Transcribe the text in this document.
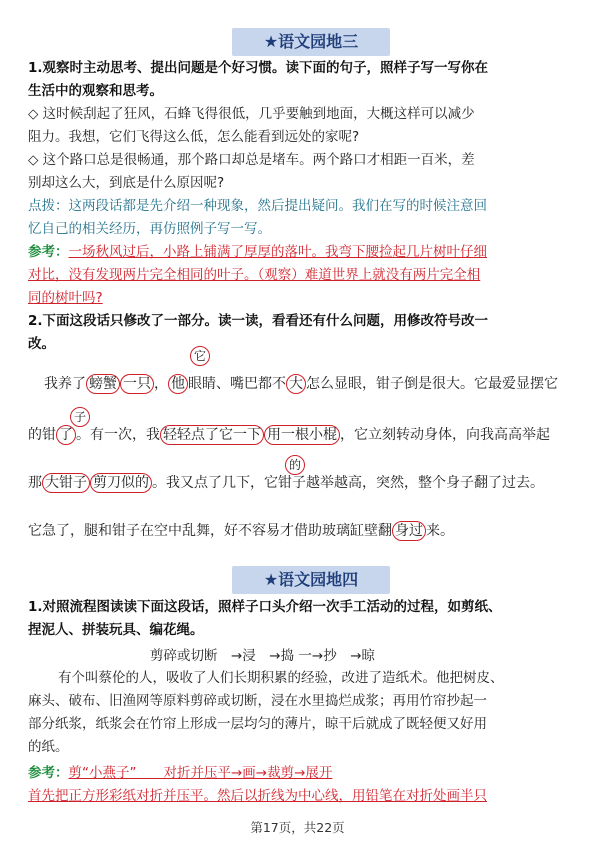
★语文园地三

1.观察时主动思考、提出问题是个好习惯。读下面的句子，照样子写一写你在

生活中的观察和思考。

◇ 这时候刮起了狂风，石蜂飞得很低，几乎要触到地面，大概这样可以减少

阻力。我想，它们飞得这么低，怎么能看到远处的家呢?

◇ 这个路口总是很畅通，那个路口却总是堵车。两个路口才相距一百米，差

别却这么大，到底是什么原因呢?

点拨：这两段话都是先介绍一种现象，然后提出疑问。我们在写的时候注意回

忆自己的相关经历，再仿照例子写一写。

参考：一场秋风过后，小路上铺满了厚厚的落叶。我弯下腰捡起几片树叶仔细

对比，没有发现两片完全相同的叶子。（观察）难道世界上就没有两片完全相

同的树叶吗?

2.下面这段话只修改了一部分。读一读，看看还有什么问题，用修改符号改一

改。

它

我养了 螃蟹 一只 ， 他 眼睛、嘴巴都不 大 怎么显眼，钳子倒是很大。它最爱显摆它

子

的钳 了 。有一次，我 轻轻点了它一下 用一根小棍 ，它立刻转动身体，向我高高举起

的

那 大钳子 剪刀似的 。我又点了几下，它钳子越举越高，突然，整个身子翻了过去。

它急了，腿和钳子在空中乱舞，好不容易才借助玻璃缸壁翻 身过 来。

★语文园地四

1.对照流程图读读下面这段话，照样子口头介绍一次手工活动的过程，如剪纸、

捏泥人、拼装玩具、编花绳。

剪碎或切断　→浸　→捣 一→抄　→晾

有个叫蔡伦的人，吸收了人们长期积累的经验，改进了造纸术。他把树皮、

麻头、破布、旧渔网等原料剪碎或切断，浸在水里捣烂成浆；再用竹帘抄起一

部分纸浆，纸浆会在竹帘上形成一层均匀的薄片，晾干后就成了既轻便又好用

的纸。

参考：剪“小燕子”　　对折并压平→画→裁剪→展开

首先把正方形彩纸对折并压平。然后以折线为中心线，用铅笔在对折处画半只

第17页，共22页
